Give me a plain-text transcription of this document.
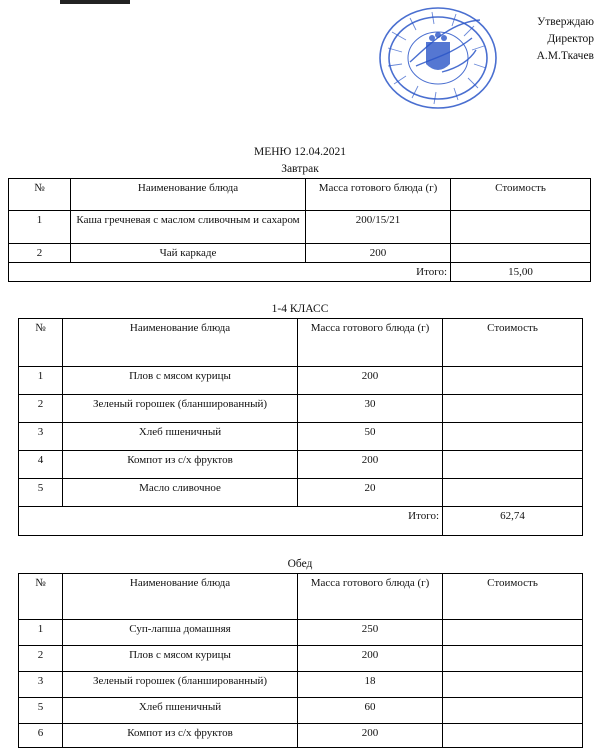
Утверждаю
Директор
А.М.Ткачев
МЕНЮ 12.04.2021
Завтрак
№	Наименование блюда	Масса готового блюда (г)	Стоимость
1	Каша гречневая с маслом сливочным и сахаром	200/15/21	
2	Чай каркаде	200	
Итого:			15,00
1-4 КЛАСС
№	Наименование блюда	Масса готового блюда (г)	Стоимость
1	Плов с мясом курицы	200	
2	Зеленый горошек (бланшированный)	30	
3	Хлеб пшеничный	50	
4	Компот из с/х фруктов	200	
5	Масло сливочное	20	
Итого:			62,74
Обед
№	Наименование блюда	Масса готового блюда (г)	Стоимость
1	Суп-лапша домашняя	250	
2	Плов с мясом курицы	200	
3	Зеленый горошек (бланшированный)	18	
5	Хлеб пшеничный	60	
6	Компот из с/х фруктов	200	
